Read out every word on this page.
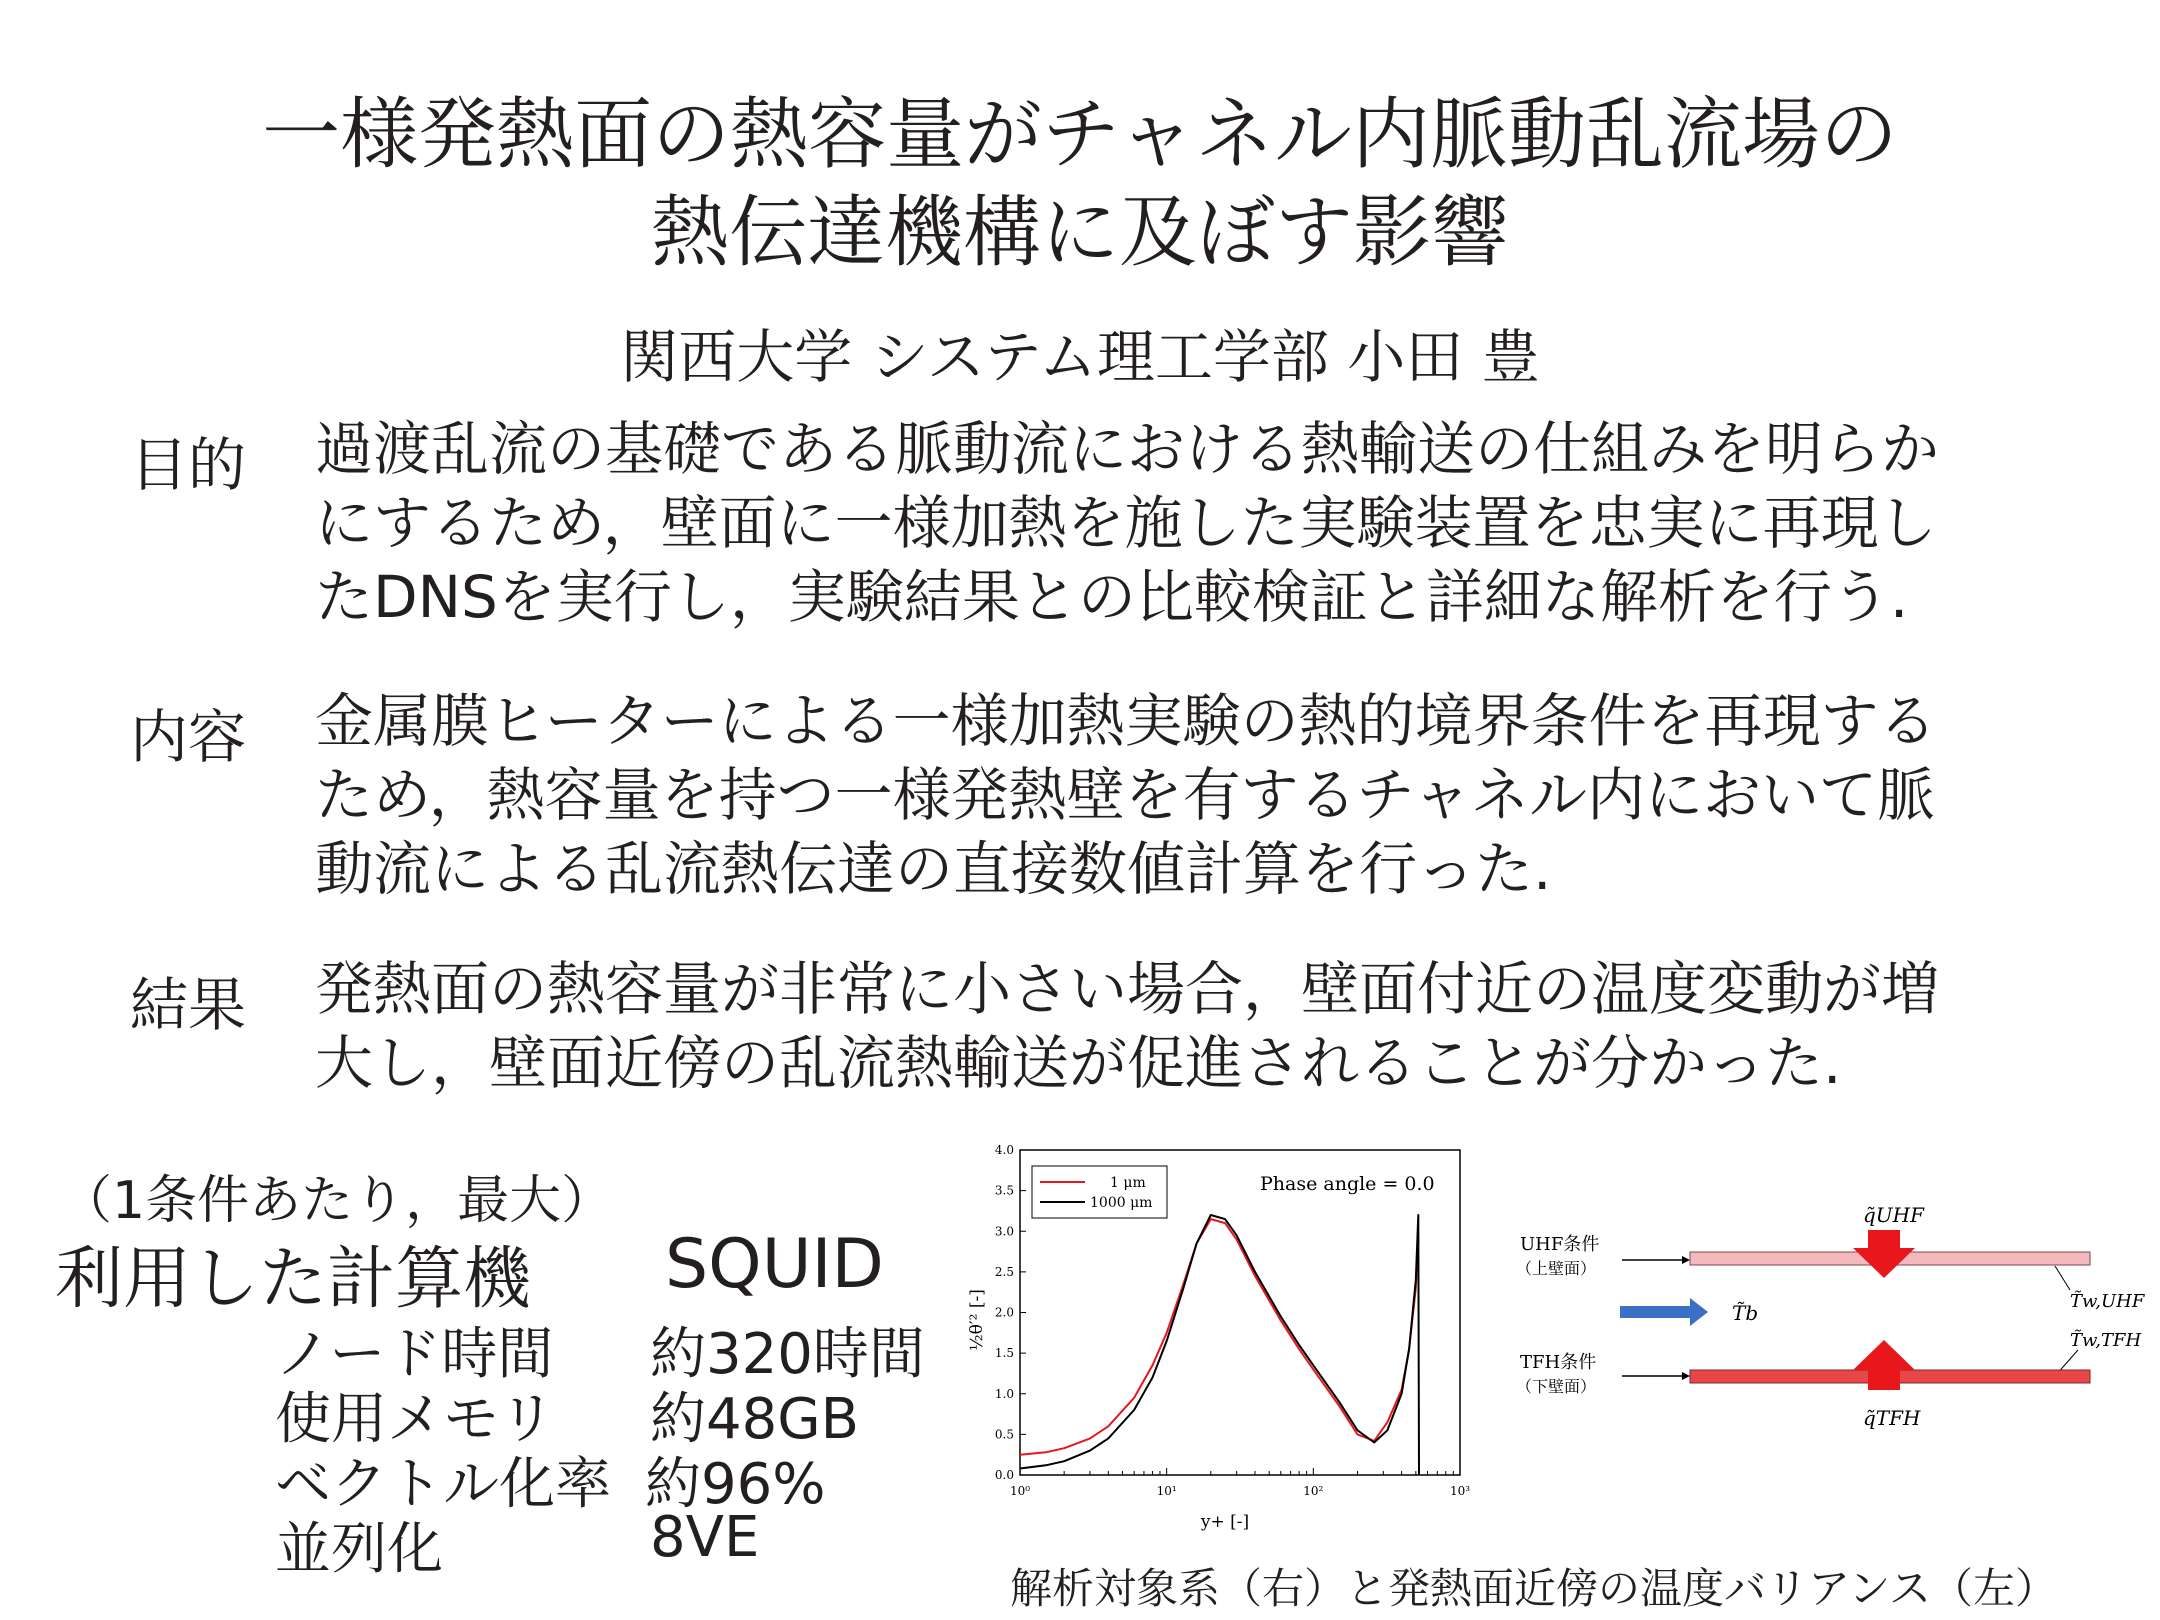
一様発熱面の熱容量がチャネル内脈動乱流場の
熱伝達機構に及ぼす影響
関西大学 システム理工学部 小田 豊
目的 過渡乱流の基礎である脈動流における熱輸送の仕組みを明らか
にするため，壁面に一様加熱を施した実験装置を忠実に再現し
たDNSを実行し，実験結果との比較検証と詳細な解析を行う.
内容 金属膜ヒーターによる一様加熱実験の熱的境界条件を再現する
ため，熱容量を持つ一様発熱壁を有するチャネル内において脈
動流による乱流熱伝達の直接数値計算を行った.
結果 発熱面の熱容量が非常に小さい場合，壁面付近の温度変動が増
大し，壁面近傍の乱流熱輸送が促進されることが分かった.
（1条件あたり，最大）
利用した計算機 SQUID
ノード時間 約320時間
使用メモリ 約48GB
ベクトル化率 約96%
並列化	8VE
0.0
0.5
1.0
1.5
2.0
2.5
3.0
3.5
4.0
10⁰	10¹	10²	10³
Phase angle = 0.0
1 μm
1000 μm
y+ [-]
½θ′² [-]
UHF条件
（上壁面）
q̃UHF
T̃w,UHF
T̃b
T̃w,TFH
TFH条件
（下壁面）
q̃TFH
解析対象系（右）と発熱面近傍の温度バリアンス（左）
